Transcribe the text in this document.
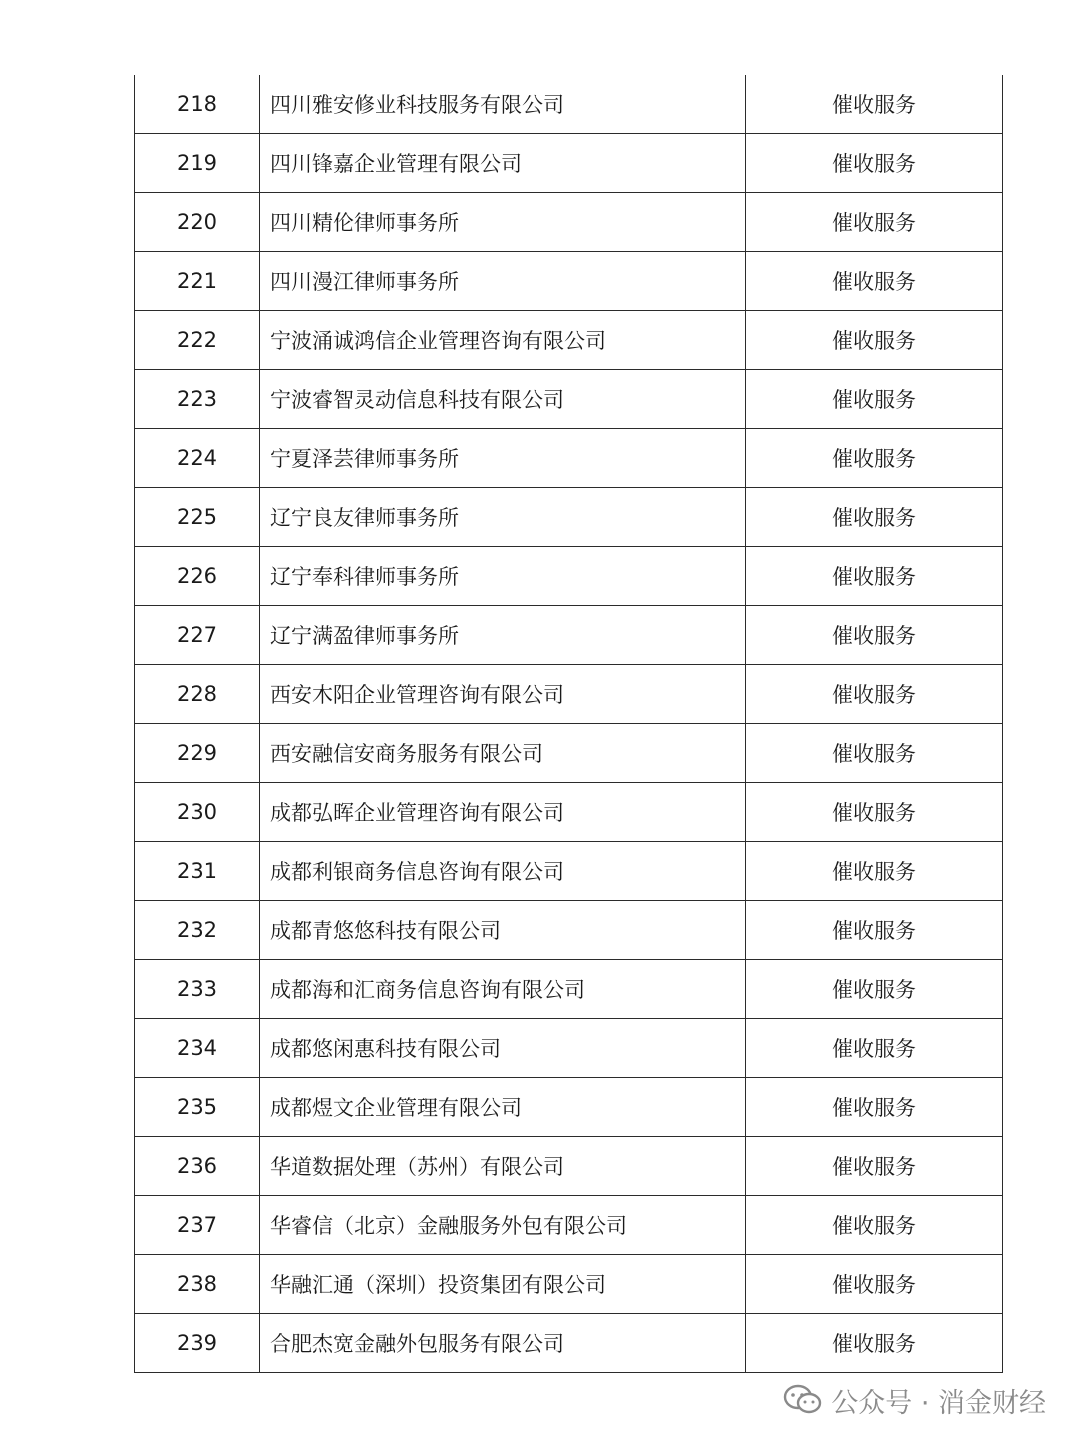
218	四川雅安修业科技服务有限公司	催收服务
219	四川锋嘉企业管理有限公司	催收服务
220	四川精伦律师事务所	催收服务
221	四川漫江律师事务所	催收服务
222	宁波涌诚鸿信企业管理咨询有限公司	催收服务
223	宁波睿智灵动信息科技有限公司	催收服务
224	宁夏泽芸律师事务所	催收服务
225	辽宁良友律师事务所	催收服务
226	辽宁奉科律师事务所	催收服务
227	辽宁满盈律师事务所	催收服务
228	西安木阳企业管理咨询有限公司	催收服务
229	西安融信安商务服务有限公司	催收服务
230	成都弘晖企业管理咨询有限公司	催收服务
231	成都利银商务信息咨询有限公司	催收服务
232	成都青悠悠科技有限公司	催收服务
233	成都海和汇商务信息咨询有限公司	催收服务
234	成都悠闲惠科技有限公司	催收服务
235	成都煜文企业管理有限公司	催收服务
236	华道数据处理（苏州）有限公司	催收服务
237	华睿信（北京）金融服务外包有限公司	催收服务
238	华融汇通（深圳）投资集团有限公司	催收服务
239	合肥杰宽金融外包服务有限公司	催收服务
公众号 · 消金财经
